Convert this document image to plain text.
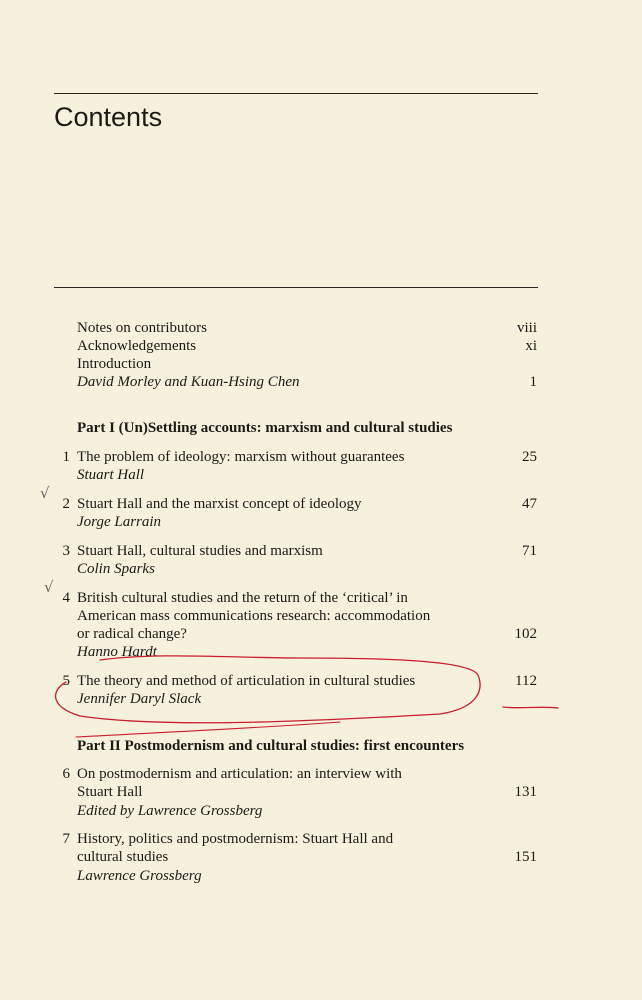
Contents
Notes on contributors	viii
Acknowledgements	xi
Introduction
David Morley and Kuan-Hsing Chen	1
Part I (Un)Settling accounts: marxism and cultural studies
1 The problem of ideology: marxism without guarantees	25
Stuart Hall
2 Stuart Hall and the marxist concept of ideology	47
Jorge Larrain
3 Stuart Hall, cultural studies and marxism	71
Colin Sparks
4 British cultural studies and the return of the ‘critical’ in
American mass communications research: accommodation
or radical change?	102
Hanno Hardt
5 The theory and method of articulation in cultural studies	112
Jennifer Daryl Slack
Part II Postmodernism and cultural studies: first encounters
6 On postmodernism and articulation: an interview with
Stuart Hall	131
Edited by Lawrence Grossberg
7 History, politics and postmodernism: Stuart Hall and
cultural studies	151
Lawrence Grossberg
√
√
